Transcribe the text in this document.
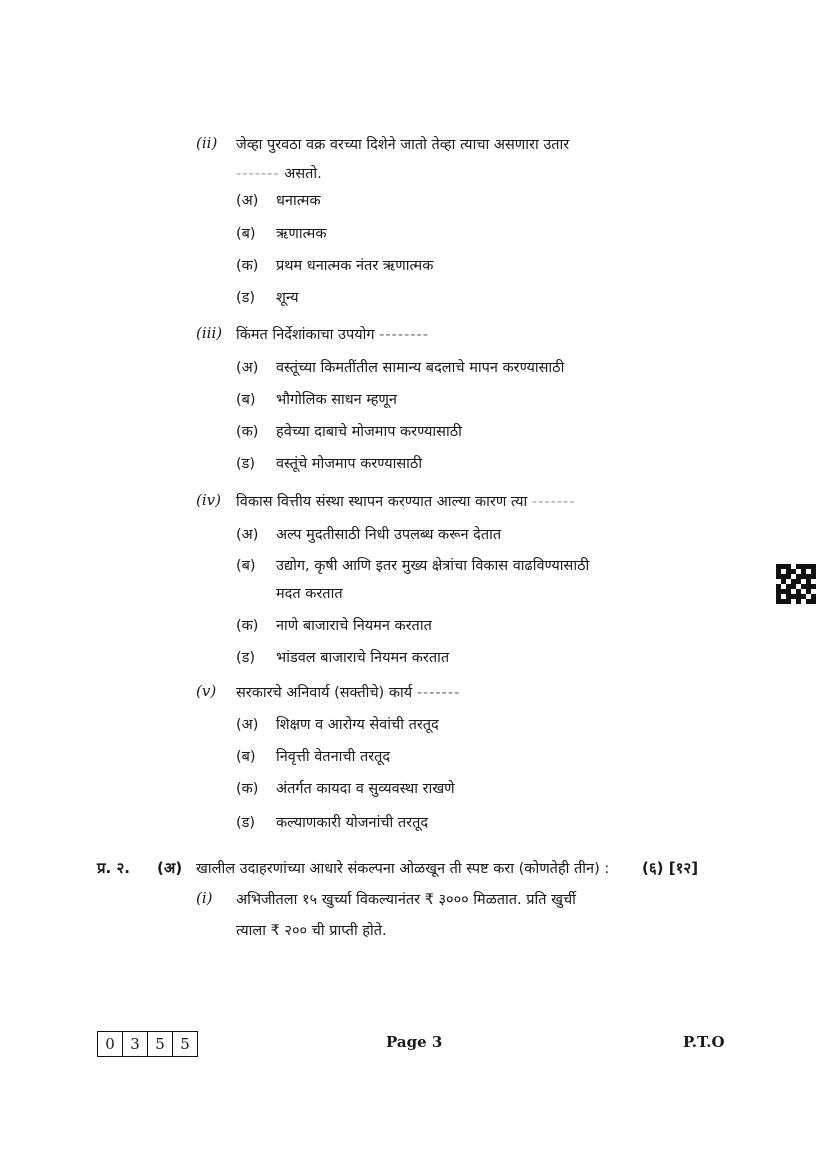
(ii) जेव्हा पुरवठा वक्र वरच्या दिशेने जातो तेव्हा त्याचा असणारा उतार
------- असतो.
(अ) धनात्मक
(ब) ऋणात्मक
(क) प्रथम धनात्मक नंतर ऋणात्मक
(ड) शून्य
(iii) किंमत निर्देशांकाचा उपयोग --------
(अ) वस्तूंच्या किमतींतील सामान्य बदलाचे मापन करण्यासाठी
(ब) भौगोलिक साधन म्हणून
(क) हवेच्या दाबाचे मोजमाप करण्यासाठी
(ड) वस्तूंचे मोजमाप करण्यासाठी
(iv) विकास वित्तीय संस्था स्थापन करण्यात आल्या कारण त्या -------
(अ) अल्प मुदतीसाठी निधी उपलब्ध करून देतात
(ब) उद्योग, कृषी आणि इतर मुख्य क्षेत्रांचा विकास वाढविण्यासाठी
मदत करतात
(क) नाणे बाजाराचे नियमन करतात
(ड) भांडवल बाजाराचे नियमन करतात
(v) सरकारचे अनिवार्य (सक्तीचे) कार्य -------
(अ) शिक्षण व आरोग्य सेवांची तरतूद
(ब) निवृत्ती वेतनाची तरतूद
(क) अंतर्गत कायदा व सुव्यवस्था राखणे
(ड) कल्याणकारी योजनांची तरतूद
प्र. २. (अ) खालील उदाहरणांच्या आधारे संकल्पना ओळखून ती स्पष्ट करा (कोणतेही तीन) : (६) [१२]
(i) अभिजीतला १५ खुर्च्या विकल्यानंतर ₹ ३००० मिळतात. प्रति खुर्ची
त्याला ₹ २०० ची प्राप्ती होते.
0	3	5	5	Page 3	P.T.O
